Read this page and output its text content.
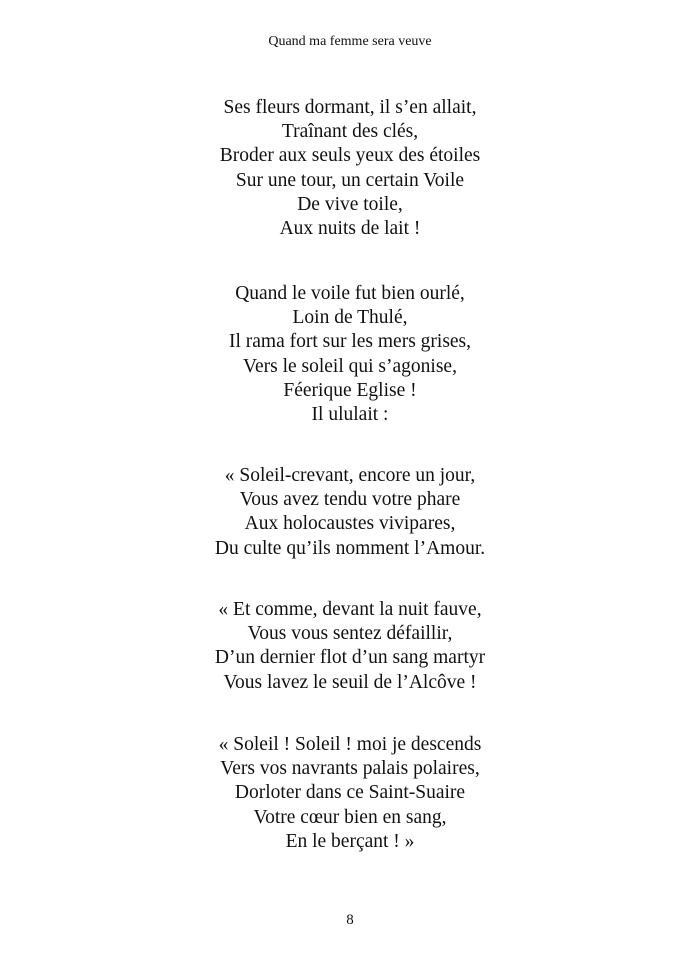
Quand ma femme sera veuve
Ses fleurs dormant, il s’en allait,
Traînant des clés,
Broder aux seuls yeux des étoiles
Sur une tour, un certain Voile
De vive toile,
Aux nuits de lait !
Quand le voile fut bien ourlé,
Loin de Thulé,
Il rama fort sur les mers grises,
Vers le soleil qui s’agonise,
Féerique Eglise !
Il ululait :
« Soleil-crevant, encore un jour,
Vous avez tendu votre phare
Aux holocaustes vivipares,
Du culte qu’ils nomment l’Amour.
« Et comme, devant la nuit fauve,
Vous vous sentez défaillir,
D’un dernier flot d’un sang martyr
Vous lavez le seuil de l’Alcôve !
« Soleil ! Soleil ! moi je descends
Vers vos navrants palais polaires,
Dorloter dans ce Saint-Suaire
Votre cœur bien en sang,
En le berçant ! »
8
